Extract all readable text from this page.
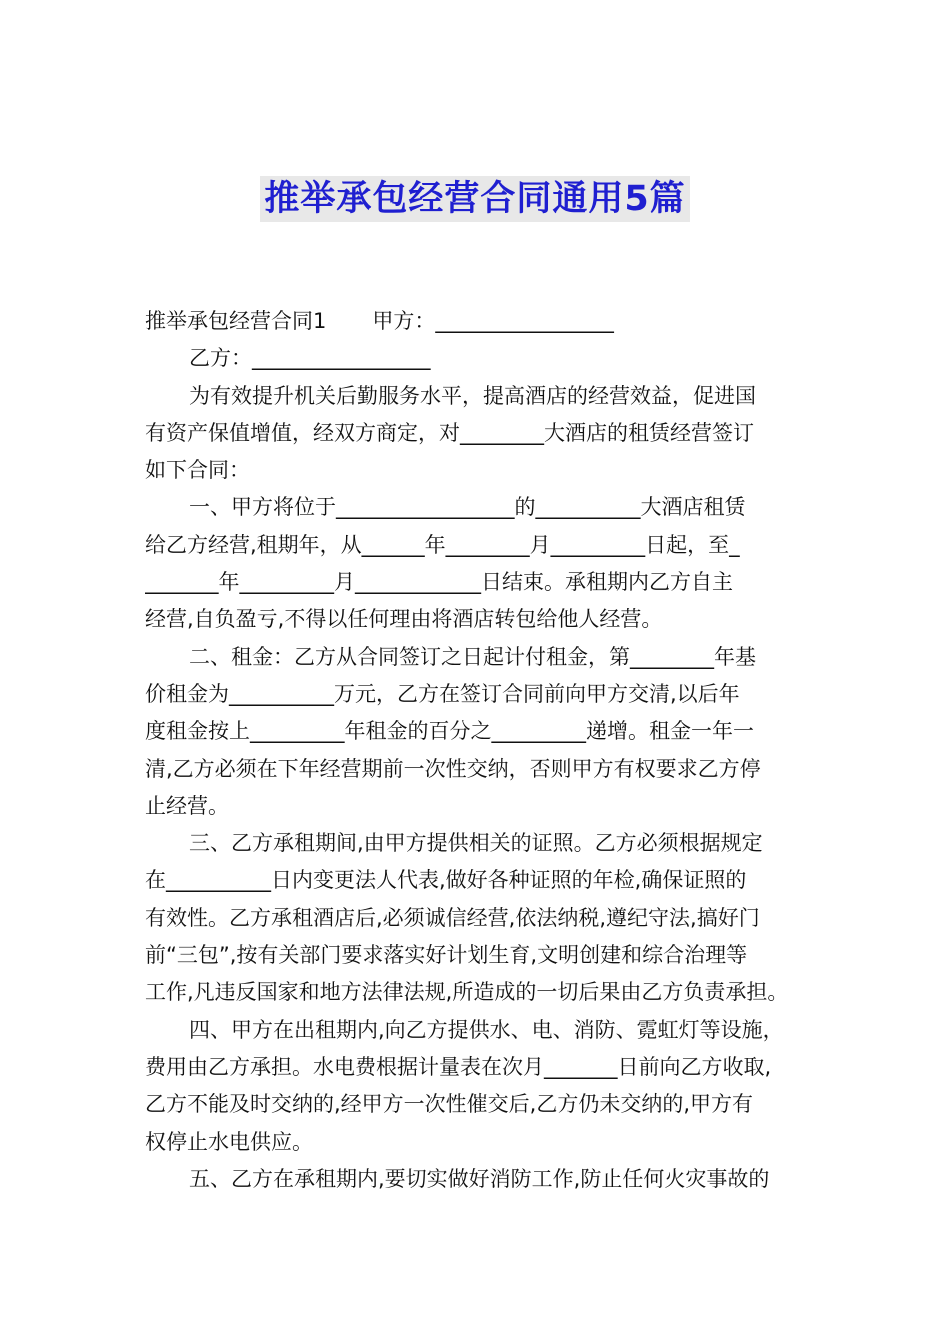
推举承包经营合同通用5篇
推举承包经营合同1 甲方：_________________
乙方：_________________
为有效提升机关后勤服务水平，提高酒店的经营效益，促进国
有资产保值增值，经双方商定，对________大酒店的租赁经营签订
如下合同：
一、甲方将位于_________________的__________大酒店租赁
给乙方经营,租期年，从______年________月_________日起，至_
_______年_________月____________日结束。承租期内乙方自主
经营,自负盈亏,不得以任何理由将酒店转包给他人经营。
二、租金：乙方从合同签订之日起计付租金，第________年基
价租金为__________万元，乙方在签订合同前向甲方交清,以后年
度租金按上_________年租金的百分之_________递增。租金一年一
清,乙方必须在下年经营期前一次性交纳，否则甲方有权要求乙方停
止经营。
三、乙方承租期间,由甲方提供相关的证照。乙方必须根据规定
在__________日内变更法人代表,做好各种证照的年检,确保证照的
有效性。乙方承租酒店后,必须诚信经营,依法纳税,遵纪守法,搞好门
前“三包”,按有关部门要求落实好计划生育,文明创建和综合治理等
工作,凡违反国家和地方法律法规,所造成的一切后果由乙方负责承担。
四、甲方在出租期内,向乙方提供水、电、消防、霓虹灯等设施，
费用由乙方承担。水电费根据计量表在次月_______日前向乙方收取,
乙方不能及时交纳的,经甲方一次性催交后,乙方仍未交纳的,甲方有
权停止水电供应。
五、乙方在承租期内,要切实做好消防工作,防止任何火灾事故的
